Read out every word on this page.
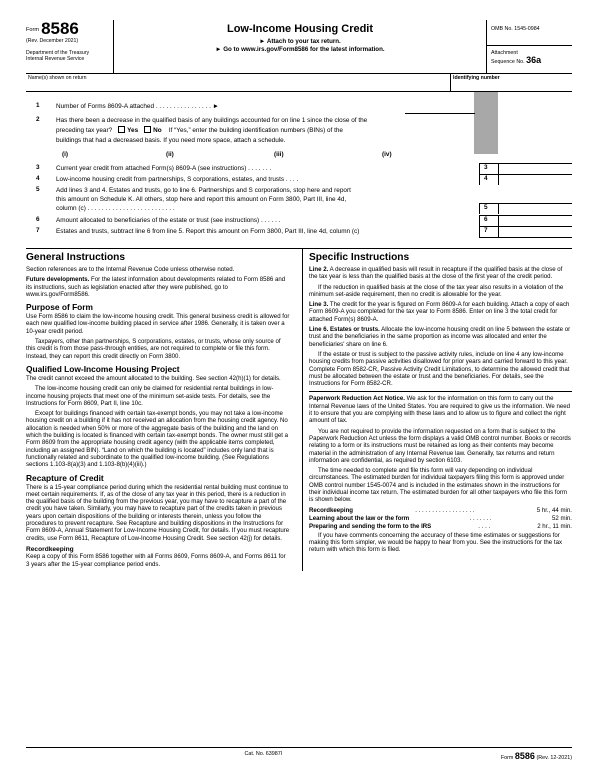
Form 8586
(Rev. December 2021)
Department of the Treasury
Internal Revenue Service
Low-Income Housing Credit
► Attach to your tax return.
► Go to www.irs.gov/Form8586 for the latest information.
OMB No. 1545-0984
Attachment
Sequence No. 36a
Name(s) shown on return	Identifying number
1	Number of Forms 8609-A attached . . . . . . . . . . . . . . . . ►
2	Has there been a decrease in the qualified basis of any buildings accounted for on line 1 since the close of the
preceding tax year? Yes No If “Yes,” enter the building identification numbers (BINs) of the
buildings that had a decreased basis. If you need more space, attach a schedule.
(i)	(ii)	(iii)	(iv)
3	Current year credit from attached Form(s) 8609-A (see instructions) . . . . . . .	3
4	Low-income housing credit from partnerships, S corporations, estates, and trusts . . . .	4
5	Add lines 3 and 4. Estates and trusts, go to line 6. Partnerships and S corporations, stop here and report
this amount on Schedule K. All others, stop here and report this amount on Form 3800, Part III, line 4d,
column (c) . . . . . . . . . . . . . . . . . . . . . . . . .	5
6	Amount allocated to beneficiaries of the estate or trust (see instructions) . . . . . .	6
7	Estates and trusts, subtract line 6 from line 5. Report this amount on Form 3800, Part III, line 4d, column (c)	7
General Instructions

Section references are to the Internal Revenue Code unless otherwise noted.

Future developments. For the latest information about developments related to Form 8586 and its instructions, such as legislation enacted after they were published, go to www.irs.gov/Form8586.

Purpose of Form

Use Form 8586 to claim the low-income housing credit. This general business credit is allowed for each new qualified low-income building placed in service after 1986. Generally, it is taken over a 10-year credit period.

Taxpayers, other than partnerships, S corporations, estates, or trusts, whose only source of this credit is from those pass-through entities, are not required to complete or file this form. Instead, they can report this credit directly on Form 3800.

Qualified Low-Income Housing Project

The credit cannot exceed the amount allocated to the building. See section 42(h)(1) for details.

The low-income housing credit can only be claimed for residential rental buildings in low-income housing projects that meet one of the minimum set-aside tests. For details, see the Instructions for Form 8609, Part II, line 10c.

Except for buildings financed with certain tax-exempt bonds, you may not take a low-income housing credit on a building if it has not received an allocation from the housing credit agency. No allocation is needed when 50% or more of the aggregate basis of the building and the land on which the building is located is financed with certain tax-exempt bonds. The owner must still get a Form 8609 from the appropriate housing credit agency (with the applicable items completed, including an assigned BIN). “Land on which the building is located” includes only land that is functionally related and subordinate to the qualified low-income building. (See Regulations sections 1.103-8(a)(3) and 1.103-8(b)(4)(iii).)

Recapture of Credit

There is a 15-year compliance period during which the residential rental building must continue to meet certain requirements. If, as of the close of any tax year in this period, there is a reduction in the qualified basis of the building from the previous year, you may have to recapture a part of the credit you have taken. Similarly, you may have to recapture part of the credits taken in previous years upon certain dispositions of the building or interests therein, unless you follow the procedures to prevent recapture. See Recapture and building dispositions in the Instructions for Form 8609-A, Annual Statement for Low-Income Housing Credit, for details. If you must recapture credits, use Form 8611, Recapture of Low-Income Housing Credit. See section 42(j) for details.

Recordkeeping

Keep a copy of this Form 8586 together with all Forms 8609, Forms 8609-A, and Forms 8611 for 3 years after the 15-year compliance period ends.

Specific Instructions

Line 2. A decrease in qualified basis will result in recapture if the qualified basis at the close of the tax year is less than the qualified basis at the close of the first year of the credit period.

If the reduction in qualified basis at the close of the tax year also results in a violation of the minimum set-aside requirement, then no credit is allowable for the year.

Line 3. The credit for the year is figured on Form 8609-A for each building. Attach a copy of each Form 8609-A you completed for the tax year to Form 8586. Enter on line 3 the total credit for attached Form(s) 8609-A.

Line 6. Estates or trusts. Allocate the low-income housing credit on line 5 between the estate or trust and the beneficiaries in the same proportion as income was allocated and enter the beneficiaries' share on line 6.

If the estate or trust is subject to the passive activity rules, include on line 4 any low-income housing credits from passive activities disallowed for prior years and carried forward to this year. Complete Form 8582-CR, Passive Activity Credit Limitations, to determine the allowed credit that must be allocated between the estate or trust and the beneficiaries. For details, see the Instructions for Form 8582-CR.

Paperwork Reduction Act Notice. We ask for the information on this form to carry out the Internal Revenue laws of the United States. You are required to give us the information. We need it to ensure that you are complying with these laws and to allow us to figure and collect the right amount of tax.

You are not required to provide the information requested on a form that is subject to the Paperwork Reduction Act unless the form displays a valid OMB control number. Books or records relating to a form or its instructions must be retained as long as their contents may become material in the administration of any Internal Revenue law. Generally, tax returns and return information are confidential, as required by section 6103.

The time needed to complete and file this form will vary depending on individual circumstances. The estimated burden for individual taxpayers filing this form is approved under OMB control number 1545-0074 and is included in the estimates shown in the instructions for their individual income tax return. The estimated burden for all other taxpayers who file this form is shown below.

Recordkeeping	. . . . . . . . . . . . . . . . . .	5 hr., 44 min.
Learning about the law or the form	. . . . . . .	52 min.
Preparing and sending the form to the IRS	. . . .	2 hr., 11 min.

If you have comments concerning the accuracy of these time estimates or suggestions for making this form simpler, we would be happy to hear from you. See the instructions for the tax return with which this form is filed.

Cat. No. 63987I
Form 8586 (Rev. 12-2021)
